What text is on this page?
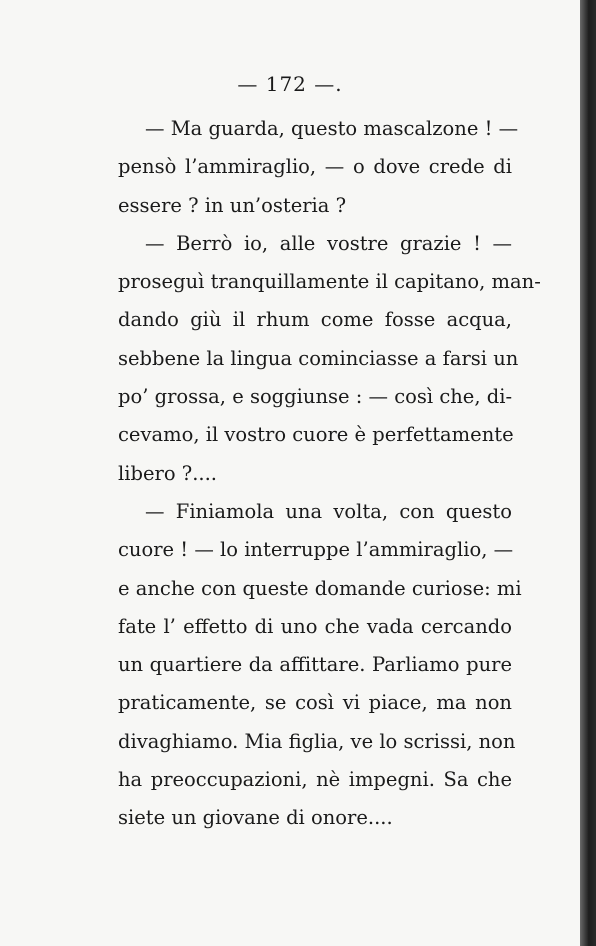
— 172 —.
— Ma guarda, questo mascalzone ! —
pensò l’ammiraglio, — o dove crede di
essere ? in un’osteria ?
— Berrò io, alle vostre grazie ! —
proseguì tranquillamente il capitano, man-
dando giù il rhum come fosse acqua,
sebbene la lingua cominciasse a farsi un
po’ grossa, e soggiunse : — così che, di-
cevamo, il vostro cuore è perfettamente
libero ?....
— Finiamola una volta, con questo
cuore ! — lo interruppe l’ammiraglio, —
e anche con queste domande curiose: mi
fate l’ effetto di uno che vada cercando
un quartiere da affittare. Parliamo pure
praticamente, se così vi piace, ma non
divaghiamo. Mia figlia, ve lo scrissi, non
ha preoccupazioni, nè impegni. Sa che
siete un giovane di onore....
